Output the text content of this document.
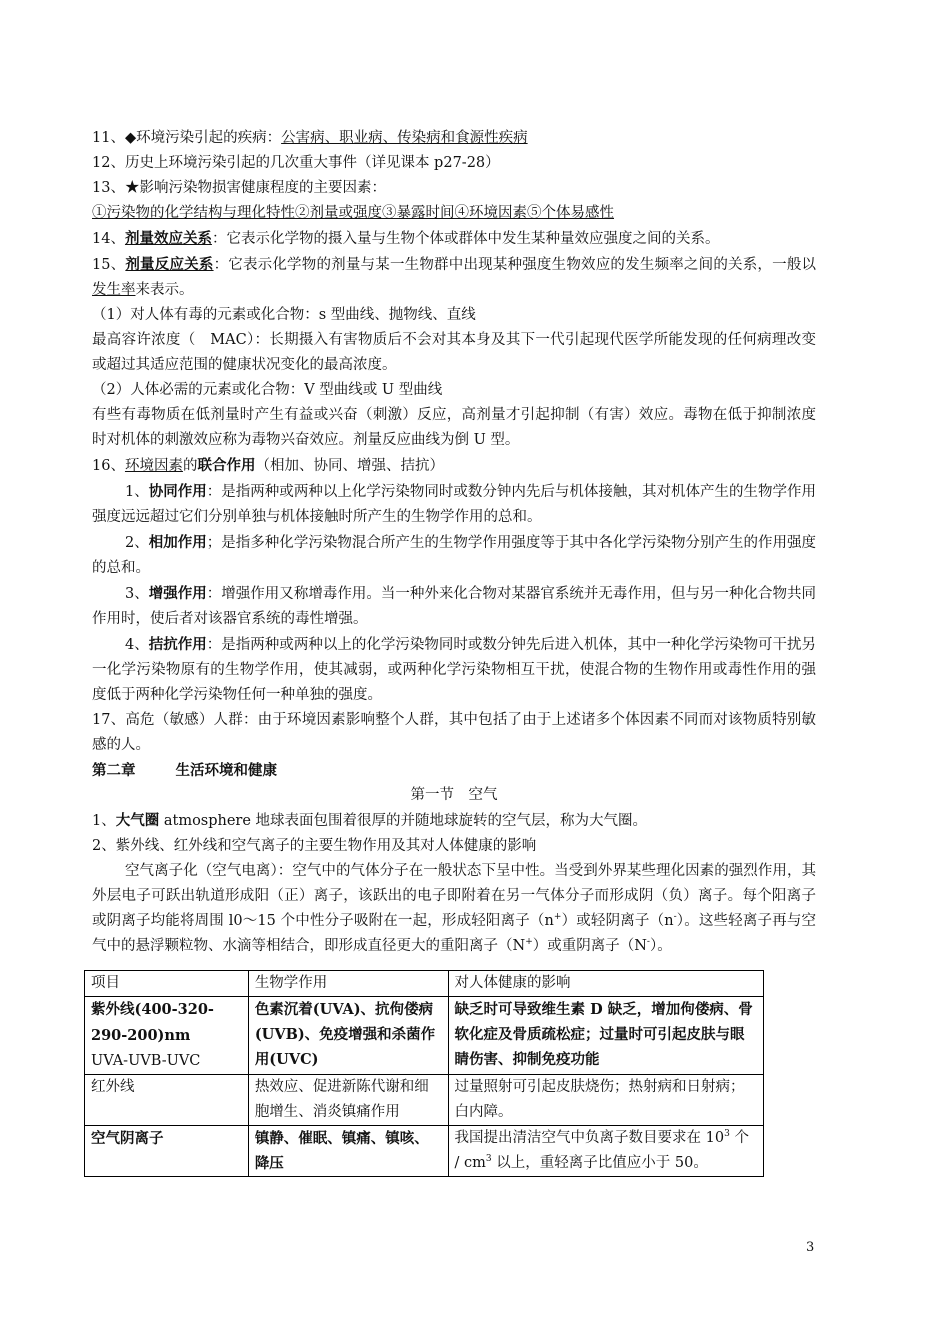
11、◆环境污染引起的疾病：公害病、职业病、传染病和食源性疾病
12、历史上环境污染引起的几次重大事件（详见课本 p27-28）
13、★影响污染物损害健康程度的主要因素：
①污染物的化学结构与理化特性②剂量或强度③暴露时间④环境因素⑤个体易感性
14、剂量效应关系：它表示化学物的摄入量与生物个体或群体中发生某种量效应强度之间的关系。
15、剂量反应关系：它表示化学物的剂量与某一生物群中出现某种强度生物效应的发生频率之间的关系，一般以发生率来表示。
（1）对人体有毒的元素或化合物：s 型曲线、抛物线、直线
最高容许浓度（　MAC）：长期摄入有害物质后不会对其本身及其下一代引起现代医学所能发现的任何病理改变或超过其适应范围的健康状况变化的最高浓度。
（2）人体必需的元素或化合物：V 型曲线或 U 型曲线
有些有毒物质在低剂量时产生有益或兴奋（刺激）反应，高剂量才引起抑制（有害）效应。毒物在低于抑制浓度时对机体的刺激效应称为毒物兴奋效应。剂量反应曲线为倒 U 型。
16、环境因素的联合作用（相加、协同、增强、拮抗）
1、协同作用：是指两种或两种以上化学污染物同时或数分钟内先后与机体接触，其对机体产生的生物学作用强度远远超过它们分别单独与机体接触时所产生的生物学作用的总和。
2、相加作用；是指多种化学污染物混合所产生的生物学作用强度等于其中各化学污染物分别产生的作用强度的总和。
3、增强作用：增强作用又称增毒作用。当一种外来化合物对某器官系统并无毒作用，但与另一种化合物共同作用时，使后者对该器官系统的毒性增强。
4、拮抗作用：是指两种或两种以上的化学污染物同时或数分钟先后进入机体，其中一种化学污染物可干扰另一化学污染物原有的生物学作用，使其减弱，或两种化学污染物相互干扰，使混合物的生物作用或毒性作用的强度低于两种化学污染物任何一种单独的强度。
17、高危（敏感）人群：由于环境因素影响整个人群，其中包括了由于上述诸多个体因素不同而对该物质特别敏感的人。
第二章	生活环境和健康
第一节　空气
1、大气圈 atmosphere 地球表面包围着很厚的并随地球旋转的空气层，称为大气圈。
2、紫外线、红外线和空气离子的主要生物作用及其对人体健康的影响
空气离子化（空气电离）：空气中的气体分子在一般状态下呈中性。当受到外界某些理化因素的强烈作用，其外层电子可跃出轨道形成阳（正）离子，该跃出的电子即附着在另一气体分子而形成阴（负）离子。每个阳离子或阴离子均能将周围 l0～15 个中性分子吸附在一起，形成轻阳离子（n+）或轻阴离子（n-）。这些轻离子再与空气中的悬浮颗粒物、水滴等相结合，即形成直径更大的重阳离子（N+）或重阴离子（N-）。
项目	生物学作用	对人体健康的影响
紫外线(400-320-290-200)nm
UVA-UVB-UVC	色素沉着(UVA)、抗佝偻病(UVB)、免疫增强和杀菌作用(UVC)	缺乏时可导致维生素 D 缺乏，增加佝偻病、骨软化症及骨质疏松症；过量时可引起皮肤与眼睛伤害、抑制免疫功能
红外线	热效应、促进新陈代谢和细胞增生、消炎镇痛作用	过量照射可引起皮肤烧伤；热射病和日射病；白内障。
空气阴离子	镇静、催眠、镇痛、镇咳、降压	我国提出清洁空气中负离子数目要求在 $10^3$ 个 / $cm^3$ 以上，重轻离子比值应小于 50。
3
